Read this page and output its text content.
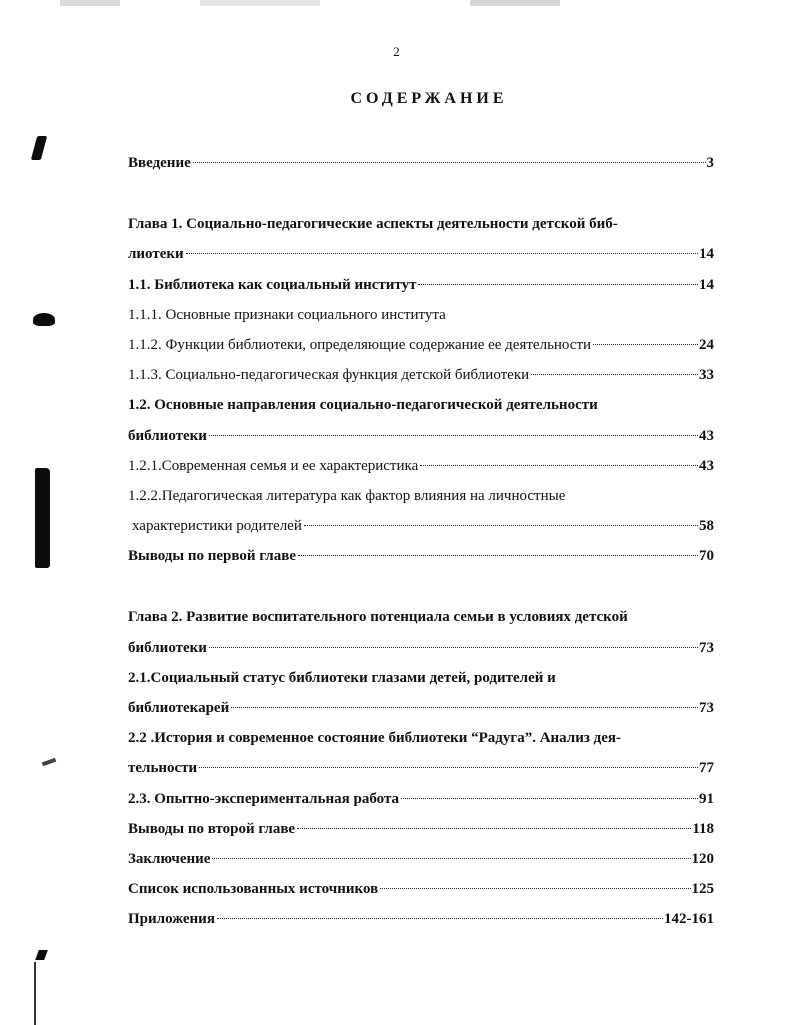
2
СОДЕРЖАНИЕ
Введение	3
Глава 1. Социально-педагогические аспекты деятельности детской биб-
лиотеки	14
1.1. Библиотека как социальный институт	14
1.1.1. Основные признаки социального института
1.1.2. Функции библиотеки, определяющие содержание ее деятельности	24
1.1.3. Социально-педагогическая функция детской библиотеки	33
1.2. Основные направления социально-педагогической деятельности
библиотеки	43
1.2.1.Современная семья и ее характеристика	43
1.2.2.Педагогическая литература как фактор влияния на личностные
характеристики родителей	58
Выводы по первой главе	70
Глава 2. Развитие воспитательного потенциала семьи в условиях детской
библиотеки	73
2.1.Социальный статус библиотеки глазами детей, родителей и
библиотекарей	73
2.2 .История и современное состояние библиотеки “Радуга”. Анализ дея-
тельности	77
2.3. Опытно-экспериментальная работа	91
Выводы по второй главе	118
Заключение	120
Список использованных источников	125
Приложения	142-161
